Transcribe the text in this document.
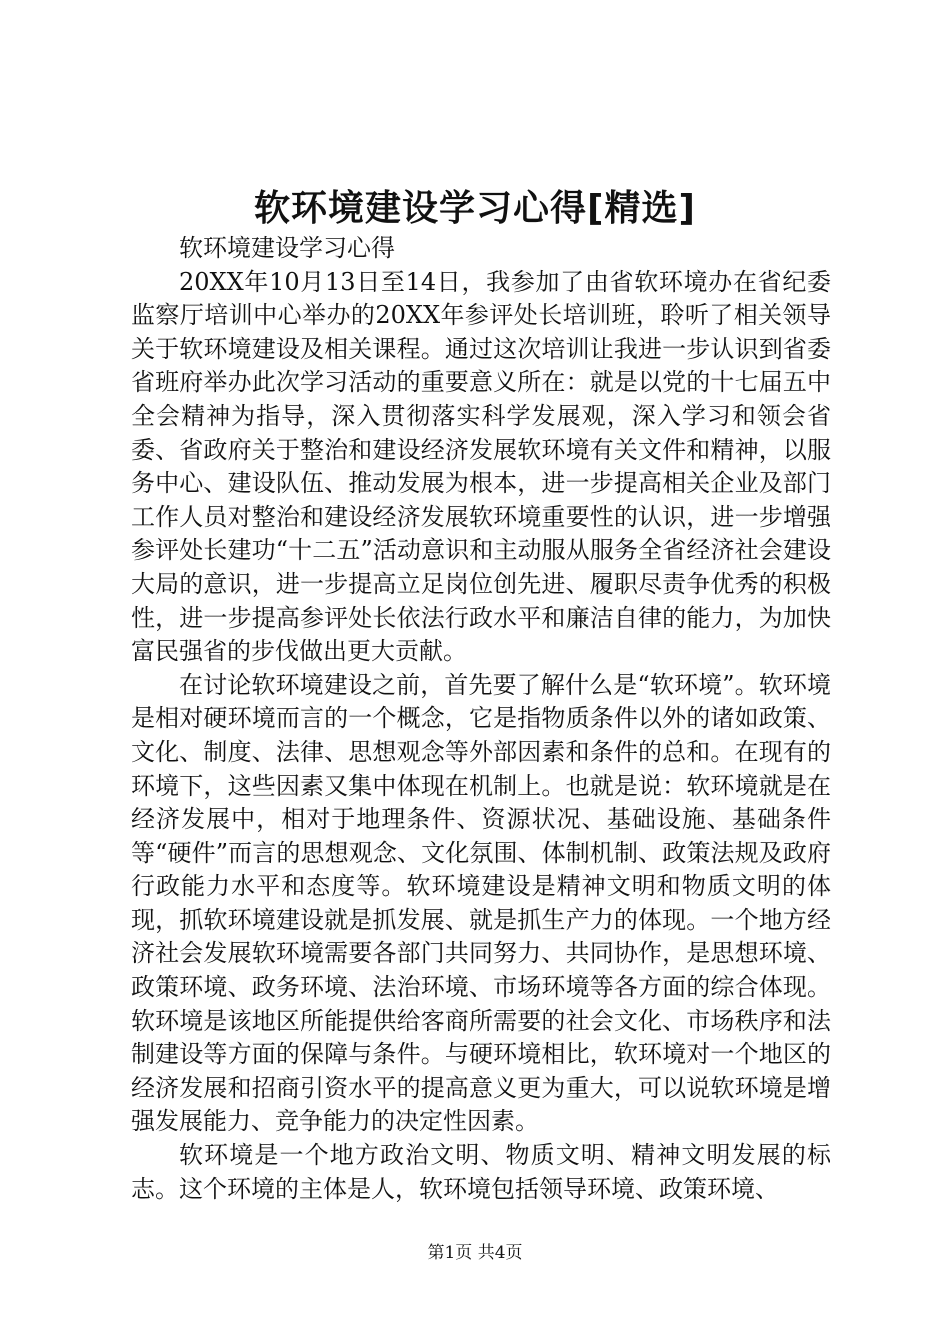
软环境建设学习心得[精选]

软环境建设学习心得

20XX年10月13日至14日，我参加了由省软环境办在省纪委监察厅培训中心举办的20XX年参评处长培训班，聆听了相关领导关于软环境建设及相关课程。通过这次培训让我进一步认识到省委省班府举办此次学习活动的重要意义所在：就是以党的十七届五中全会精神为指导，深入贯彻落实科学发展观，深入学习和领会省委、省政府关于整治和建设经济发展软环境有关文件和精神，以服务中心、建设队伍、推动发展为根本，进一步提高相关企业及部门工作人员对整治和建设经济发展软环境重要性的认识，进一步增强参评处长建功“十二五”活动意识和主动服从服务全省经济社会建设大局的意识，进一步提高立足岗位创先进、履职尽责争优秀的积极性，进一步提高参评处长依法行政水平和廉洁自律的能力，为加快富民强省的步伐做出更大贡献。

在讨论软环境建设之前，首先要了解什么是“软环境”。软环境是相对硬环境而言的一个概念，它是指物质条件以外的诸如政策、文化、制度、法律、思想观念等外部因素和条件的总和。在现有的环境下，这些因素又集中体现在机制上。也就是说：软环境就是在经济发展中，相对于地理条件、资源状况、基础设施、基础条件等“硬件”而言的思想观念、文化氛围、体制机制、政策法规及政府行政能力水平和态度等。软环境建设是精神文明和物质文明的体现，抓软环境建设就是抓发展、就是抓生产力的体现。一个地方经济社会发展软环境需要各部门共同努力、共同协作，是思想环境、政策环境、政务环境、法治环境、市场环境等各方面的综合体现。软环境是该地区所能提供给客商所需要的社会文化、市场秩序和法制建设等方面的保障与条件。与硬环境相比，软环境对一个地区的经济发展和招商引资水平的提高意义更为重大，可以说软环境是增强发展能力、竞争能力的决定性因素。

软环境是一个地方政治文明、物质文明、精神文明发展的标志。这个环境的主体是人，软环境包括领导环境、政策环境、

第1页 共4页
